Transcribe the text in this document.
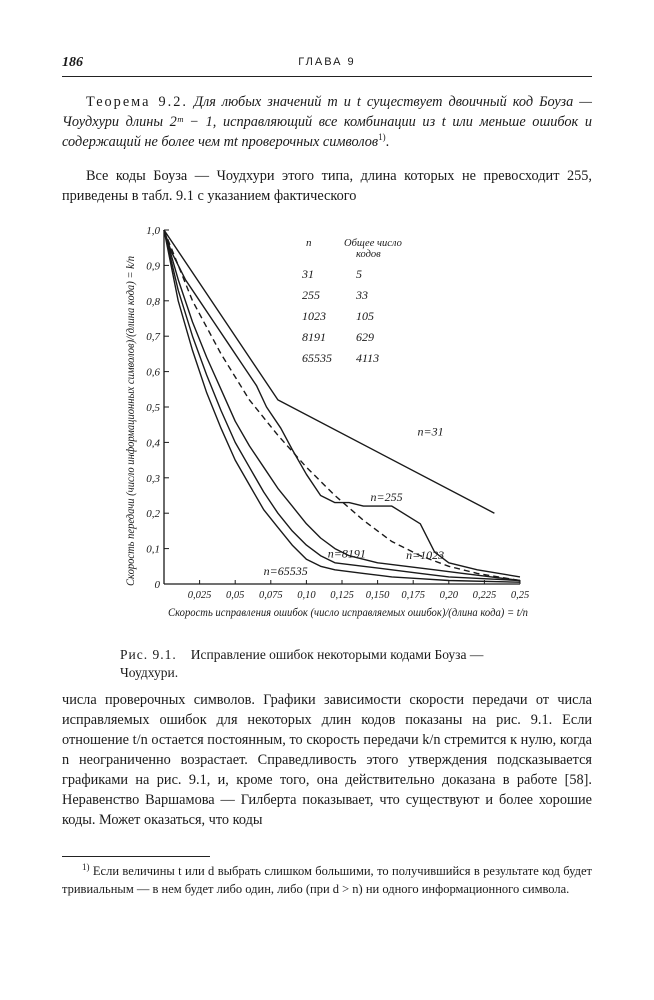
186	ГЛАВА 9

Теорема 9.2. Для любых значений m и t существует двоичный код Боуза — Чоудхури длины 2ᵐ − 1, исправляющий все комбинации из t или меньше ошибок и содержащий не более чем mt проверочных символов$^{1)}$.

Все коды Боуза — Чоудхури этого типа, длина которых не превосходит 255, приведены в табл. 9.1 с указанием фактического

0
0,1
0,2
0,3
0,4
0,5
0,6
0,7
0,8
0,9
1,0
0,025 0,05 0,075 0,10 0,125 0,150 0,175 0,20 0,225 0,25
Скорость передачи (число информационных символов)/(длина кода) = k/n
Скорость исправления ошибок (число исправляемых ошибок)/(длина кода) = t/n
n=31
n=255
n=1023
n=8191
n=65535
n	Общее число
кодов
31	5
255	33
1023	105
8191	629
65535 4113

Рис. 9.1. Исправление ошибок некоторыми кодами Боуза — Чоудхури.

числа проверочных символов. Графики зависимости скорости передачи от числа исправляемых ошибок для некоторых длин кодов показаны на рис. 9.1. Если отношение t/n остается постоянным, то скорость передачи k/n стремится к нулю, когда n неограниченно возрастает. Справедливость этого утверждения подсказывается графиками на рис. 9.1, и, кроме того, она действительно доказана в работе [58]. Неравенство Варшамова — Гилберта показывает, что существуют и более хорошие коды. Может оказаться, что коды

$^{1)}$ Если величины t или d выбрать слишком большими, то получившийся в результате код будет тривиальным — в нем будет либо один, либо (при d > n) ни одного информационного символа.
